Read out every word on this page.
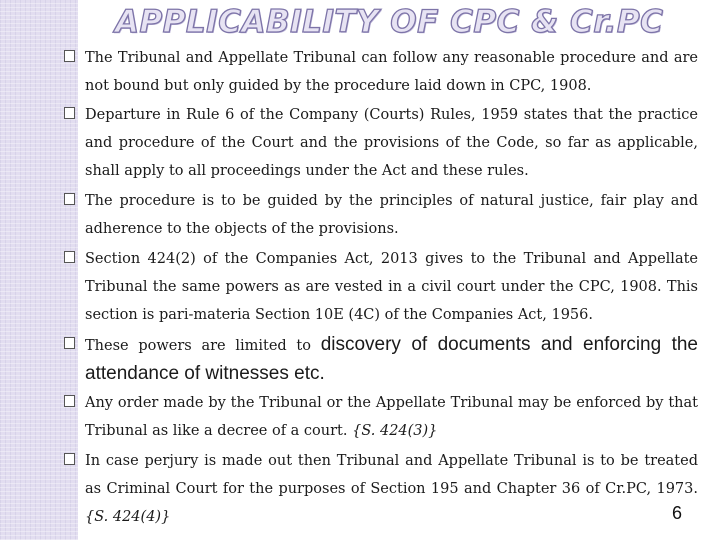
APPLICABILITY OF CPC & Cr.PC
The Tribunal and Appellate Tribunal can follow any reasonable procedure and are not bound but only guided by the procedure laid down in CPC, 1908.
Departure in Rule 6 of the Company (Courts) Rules, 1959 states that the practice and procedure of the Court and the provisions of the Code, so far as applicable, shall apply to all proceedings under the Act and these rules.
The procedure is to be guided by the principles of natural justice, fair play and adherence to the objects of the provisions.
Section 424(2) of the Companies Act, 2013 gives to the Tribunal and Appellate Tribunal the same powers as are vested in a civil court under the CPC, 1908. This section is pari-materia Section 10E (4C) of the Companies Act, 1956.
These powers are limited to discovery of documents and enforcing the attendance of witnesses etc.
Any order made by the Tribunal or the Appellate Tribunal may be enforced by that Tribunal as like a decree of a court. {S. 424(3)}
In case perjury is made out then Tribunal and Appellate Tribunal is to be treated as Criminal Court for the purposes of Section 195 and Chapter 36 of Cr.PC, 1973. {S. 424(4)}	6
